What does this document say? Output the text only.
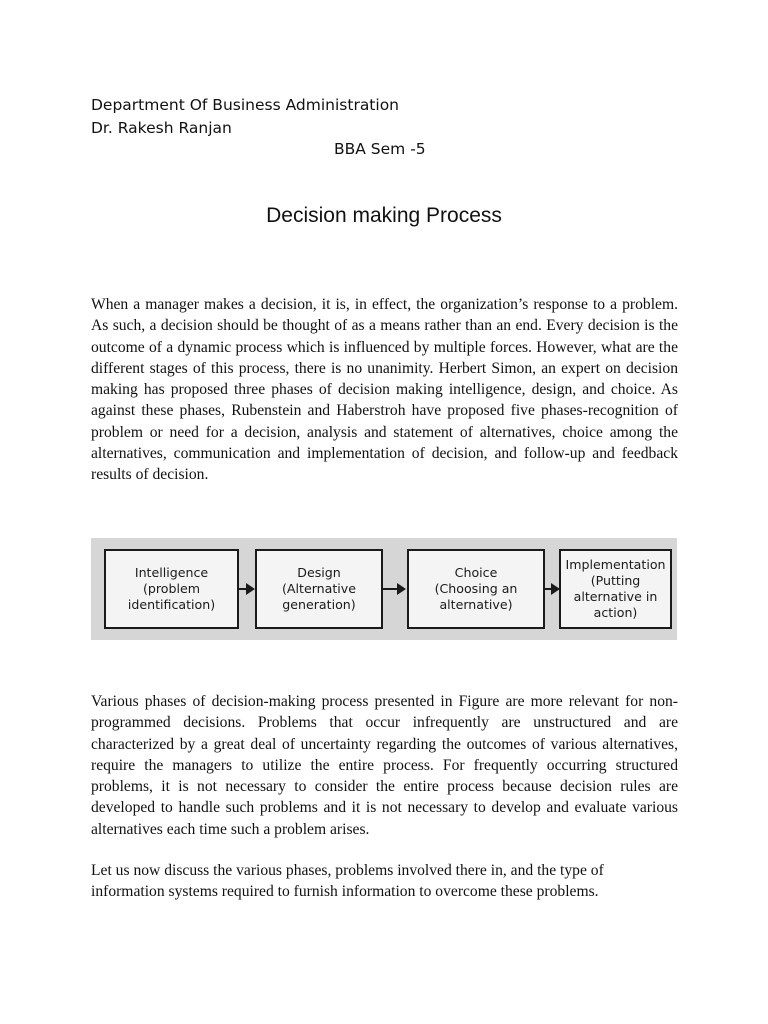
Department Of Business Administration
Dr. Rakesh Ranjan
BBA Sem -5
Decision making Process

When a manager makes a decision, it is, in effect, the organization’s response to a problem. As such, a decision should be thought of as a means rather than an end. Every decision is the outcome of a dynamic process which is influenced by multiple forces. However, what are the different stages of this process, there is no unanimity. Herbert Simon, an expert on decision making has proposed three phases of decision making intelligence, design, and choice. As against these phases, Rubenstein and Haberstroh have proposed five phases-recognition of problem or need for a decision, analysis and statement of alternatives, choice among the alternatives, communication and implementation of decision, and follow-up and feedback results of decision.

Intelligence
(problem
identification)
Design
(Alternative
generation)
Choice
(Choosing an
alternative)
Implementation
(Putting
alternative in
action)

Various phases of decision-making process presented in Figure are more relevant for non-programmed decisions. Problems that occur infrequently are unstructured and are characterized by a great deal of uncertainty regarding the outcomes of various alternatives, require the managers to utilize the entire process. For frequently occurring structured problems, it is not necessary to consider the entire process because decision rules are developed to handle such problems and it is not necessary to develop and evaluate various alternatives each time such a problem arises.

Let us now discuss the various phases, problems involved there in, and the type of information systems required to furnish information to overcome these problems.
